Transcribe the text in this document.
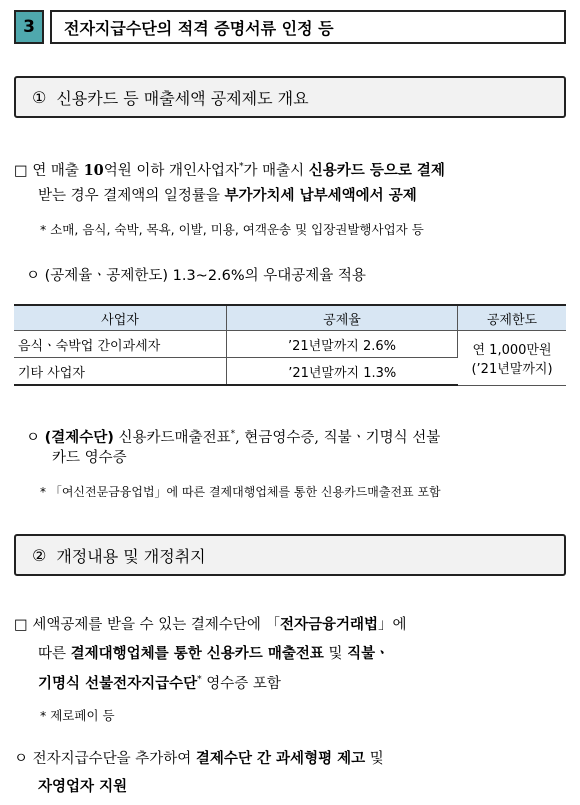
3	전자지급수단의 적격 증명서류 인정 등
① 신용카드 등 매출세액 공제제도 개요
□ 연 매출 10억원 이하 개인사업자*가 매출시 신용카드 등으로 결제
받는 경우 결제액의 일정률을 부가가치세 납부세액에서 공제
* 소매, 음식, 숙박, 목욕, 이발, 미용, 여객운송 및 입장권발행사업자 등
ㅇ (공제율ㆍ공제한도) 1.3~2.6%의 우대공제율 적용
사업자	공제율	공제한도
음식ㆍ숙박업 간이과세자	’21년말까지 2.6%	연 1,000만원
(’21년말까지)

기타 사업자	’21년말까지 1.3%	
ㅇ (결제수단) 신용카드매출전표*, 현금영수증, 직불ㆍ기명식 선불
카드 영수증
* 「여신전문금융업법」에 따른 결제대행업체를 통한 신용카드매출전표 포함
② 개정내용 및 개정취지
□ 세액공제를 받을 수 있는 결제수단에 「전자금융거래법」에
따른 결제대행업체를 통한 신용카드 매출전표 및 직불ㆍ
기명식 선불전자지급수단* 영수증 포함
* 제로페이 등
ㅇ 전자지급수단을 추가하여 결제수단 간 과세형평 제고 및
자영업자 지원
